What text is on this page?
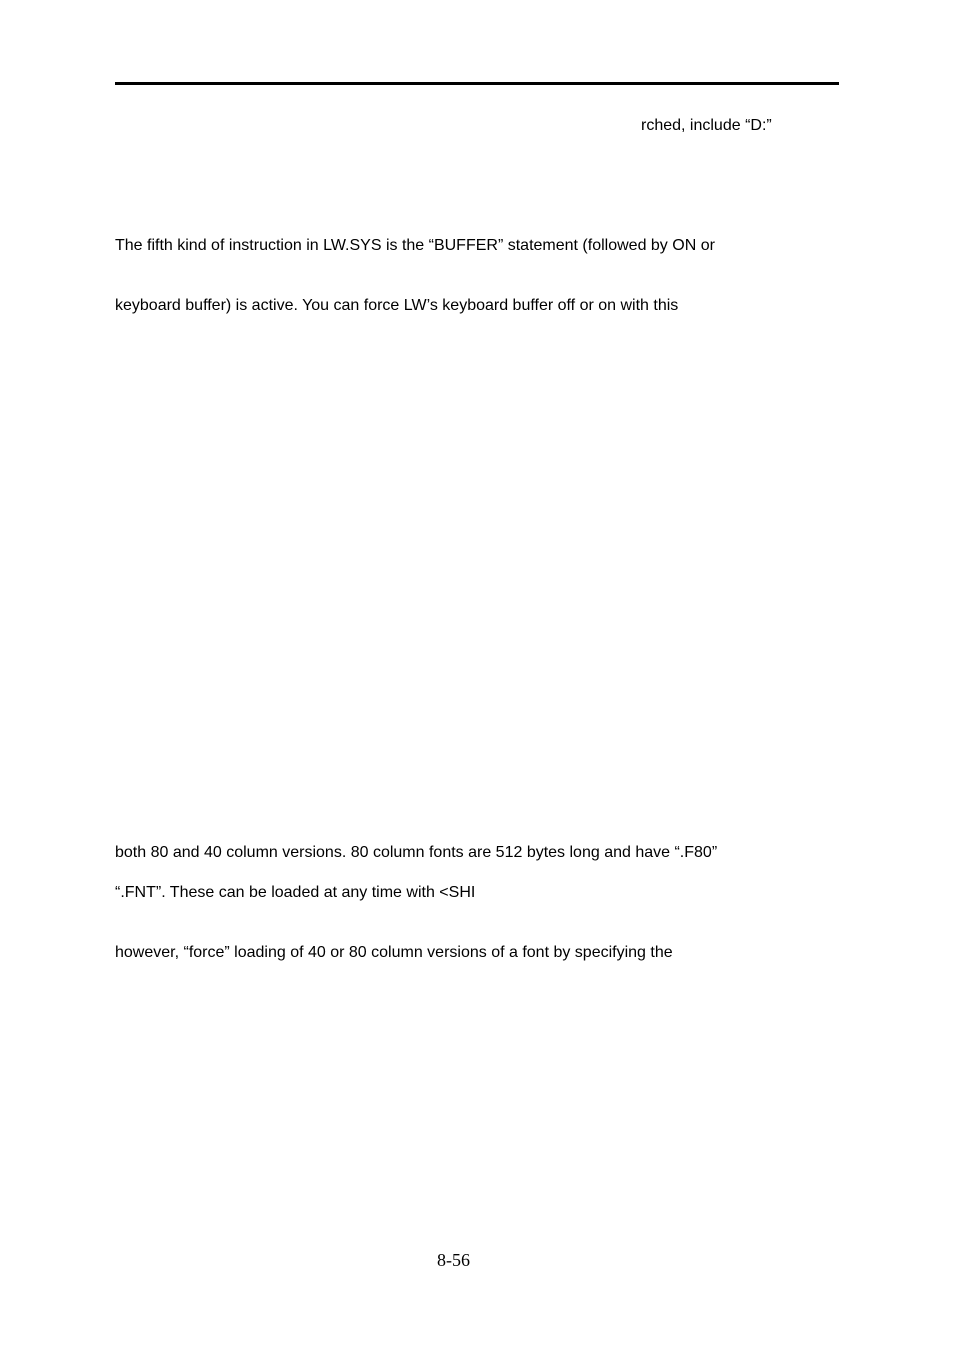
rched, include “D:”
The fifth kind of instruction in LW.SYS is the “BUFFER” statement (followed by ON or
keyboard buffer) is active. You can force LW’s keyboard buffer off or on with this
both 80 and 40 column versions. 80 column fonts are 512 bytes long and have “.F80”
“.FNT”. These can be loaded at any time with <SHI
however, “force” loading of 40 or 80 column versions of a font by specifying the
8-56
